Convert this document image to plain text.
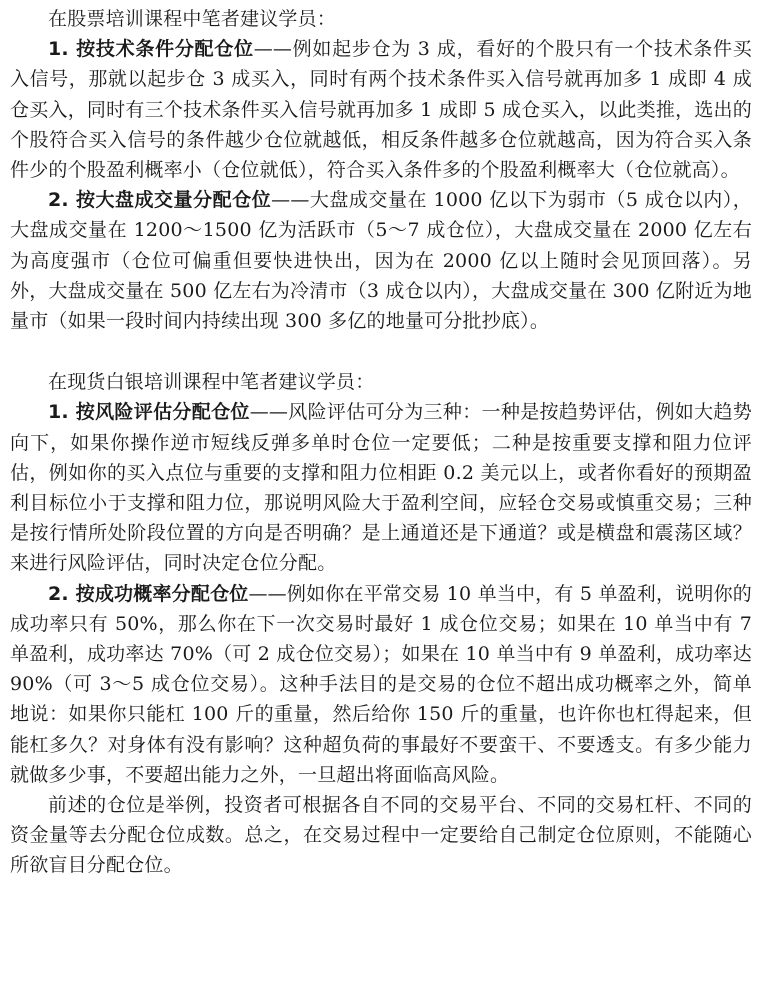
在股票培训课程中笔者建议学员：

1. 按技术条件分配仓位——例如起步仓为 3 成，看好的个股只有一个技术条件买入信号，那就以起步仓 3 成买入，同时有两个技术条件买入信号就再加多 1 成即 4 成仓买入，同时有三个技术条件买入信号就再加多 1 成即 5 成仓买入，以此类推，选出的个股符合买入信号的条件越少仓位就越低，相反条件越多仓位就越高，因为符合买入条件少的个股盈利概率小（仓位就低），符合买入条件多的个股盈利概率大（仓位就高）。

2. 按大盘成交量分配仓位——大盘成交量在 1000 亿以下为弱市（5 成仓以内），大盘成交量在 1200～1500 亿为活跃市（5～7 成仓位），大盘成交量在 2000 亿左右为高度强市（仓位可偏重但要快进快出，因为在 2000 亿以上随时会见顶回落）。另外，大盘成交量在 500 亿左右为冷清市（3 成仓以内），大盘成交量在 300 亿附近为地量市（如果一段时间内持续出现 300 多亿的地量可分批抄底）。

在现货白银培训课程中笔者建议学员：

1. 按风险评估分配仓位——风险评估可分为三种：一种是按趋势评估，例如大趋势向下，如果你操作逆市短线反弹多单时仓位一定要低；二种是按重要支撑和阻力位评估，例如你的买入点位与重要的支撑和阻力位相距 0.2 美元以上，或者你看好的预期盈利目标位小于支撑和阻力位，那说明风险大于盈利空间，应轻仓交易或慎重交易；三种是按行情所处阶段位置的方向是否明确？是上通道还是下通道？或是横盘和震荡区域？来进行风险评估，同时决定仓位分配。

2. 按成功概率分配仓位——例如你在平常交易 10 单当中，有 5 单盈利，说明你的成功率只有 50%，那么你在下一次交易时最好 1 成仓位交易；如果在 10 单当中有 7 单盈利，成功率达 70%（可 2 成仓位交易）；如果在 10 单当中有 9 单盈利，成功率达 90%（可 3～5 成仓位交易）。这种手法目的是交易的仓位不超出成功概率之外，简单地说：如果你只能杠 100 斤的重量，然后给你 150 斤的重量，也许你也杠得起来，但能杠多久？对身体有没有影响？这种超负荷的事最好不要蛮干、不要透支。有多少能力就做多少事，不要超出能力之外，一旦超出将面临高风险。

前述的仓位是举例，投资者可根据各自不同的交易平台、不同的交易杠杆、不同的资金量等去分配仓位成数。总之，在交易过程中一定要给自己制定仓位原则，不能随心所欲盲目分配仓位。
